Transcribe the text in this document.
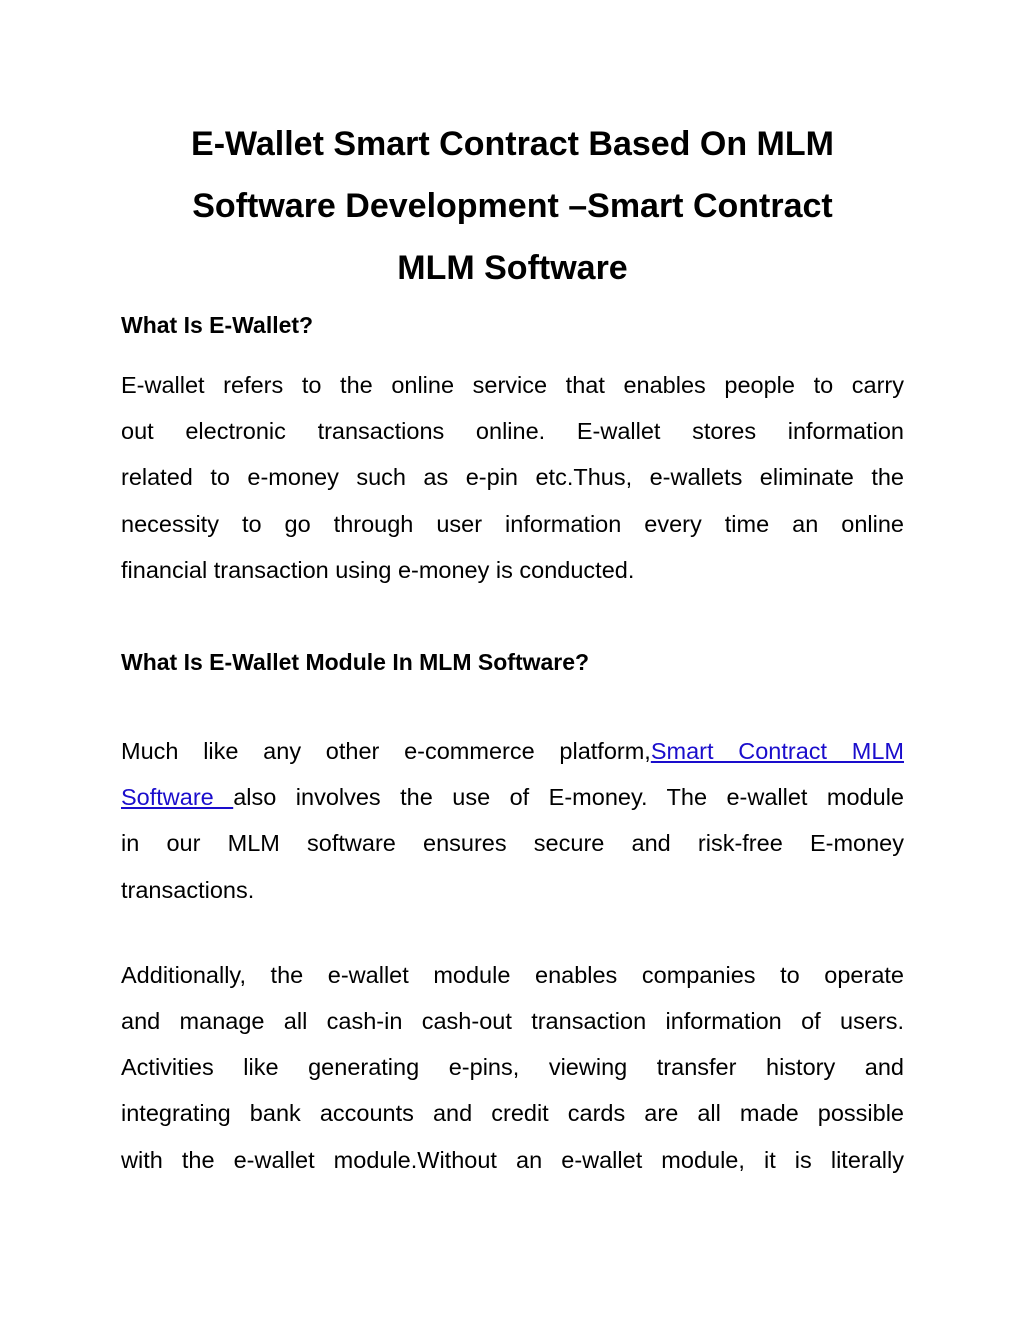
E-Wallet Smart Contract Based On MLM
Software Development –Smart Contract
MLM Software
What Is E-Wallet?

E-wallet refers to the online service that enables people to carry
out electronic transactions online. E-wallet stores information
related to e-money such as e-pin etc.Thus, e-wallets eliminate the
necessity to go through user information every time an online
financial transaction using e-money is conducted.

What Is E-Wallet Module In MLM Software?

Much like any other e-commerce platform,Smart Contract MLM
Software also involves the use of E-money. The e-wallet module
in our MLM software ensures secure and risk-free E-money
transactions.

Additionally, the e-wallet module enables companies to operate
and manage all cash-in cash-out transaction information of users.
Activities like generating e-pins, viewing transfer history and
integrating bank accounts and credit cards are all made possible
with the e-wallet module.Without an e-wallet module, it is literally
